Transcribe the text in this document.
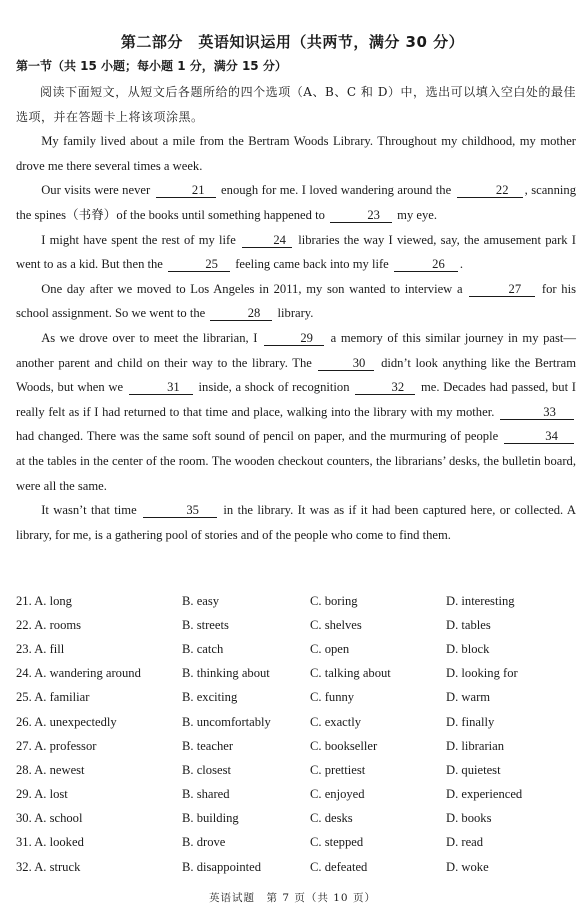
第二部分　英语知识运用（共两节，满分 30 分）
第一节（共 15 小题；每小题 1 分，满分 15 分）

阅读下面短文，从短文后各题所给的四个选项（A、B、C 和 D）中，选出可以填入空白处的最佳选项，并在答题卡上将该项涂黑。

My family lived about a mile from the Bertram Woods Library. Throughout my childhood, my mother drove me there several times a week.

Our visits were never	21 enough for me. I loved wandering around the	22 , scanning the spines（书脊）of the books until something happened to	23 my eye.

I might have spent the rest of my life	24 libraries the way I viewed, say, the amusement park I went to as a kid. But then the	25 feeling came back into my life	26 .

One day after we moved to Los Angeles in 2011, my son wanted to interview a	27 for his school assignment. So we went to the	28 library.

As we drove over to meet the librarian, I	29 a memory of this similar journey in my past—another parent and child on their way to the library. The	30 didn’t look anything like the Bertram Woods, but when we	31 inside, a shock of recognition	32 me. Decades had passed, but I really felt as if I had returned to that time and place, walking into the library with my mother.	33 had changed. There was the same soft sound of pencil on paper, and the murmuring of people	34 at the tables in the center of the room. The wooden checkout counters, the librarians’ desks, the bulletin board, were all the same.

It wasn’t that time	35 in the library. It was as if it had been captured here, or collected. A library, for me, is a gathering pool of stories and of the people who come to find them.

21. A. long	B. easy	C. boring	D. interesting
22. A. rooms	B. streets	C. shelves	D. tables
23. A. fill	B. catch	C. open	D. block
24. A. wandering around	B. thinking about	C. talking about	D. looking for
25. A. familiar	B. exciting	C. funny	D. warm
26. A. unexpectedly	B. uncomfortably	C. exactly	D. finally
27. A. professor	B. teacher	C. bookseller	D. librarian
28. A. newest	B. closest	C. prettiest	D. quietest
29. A. lost	B. shared	C. enjoyed	D. experienced
30. A. school	B. building	C. desks	D. books
31. A. looked	B. drove	C. stepped	D. read
32. A. struck	B. disappointed	C. defeated	D. woke
英语试题　第 7 页（共 10 页）
